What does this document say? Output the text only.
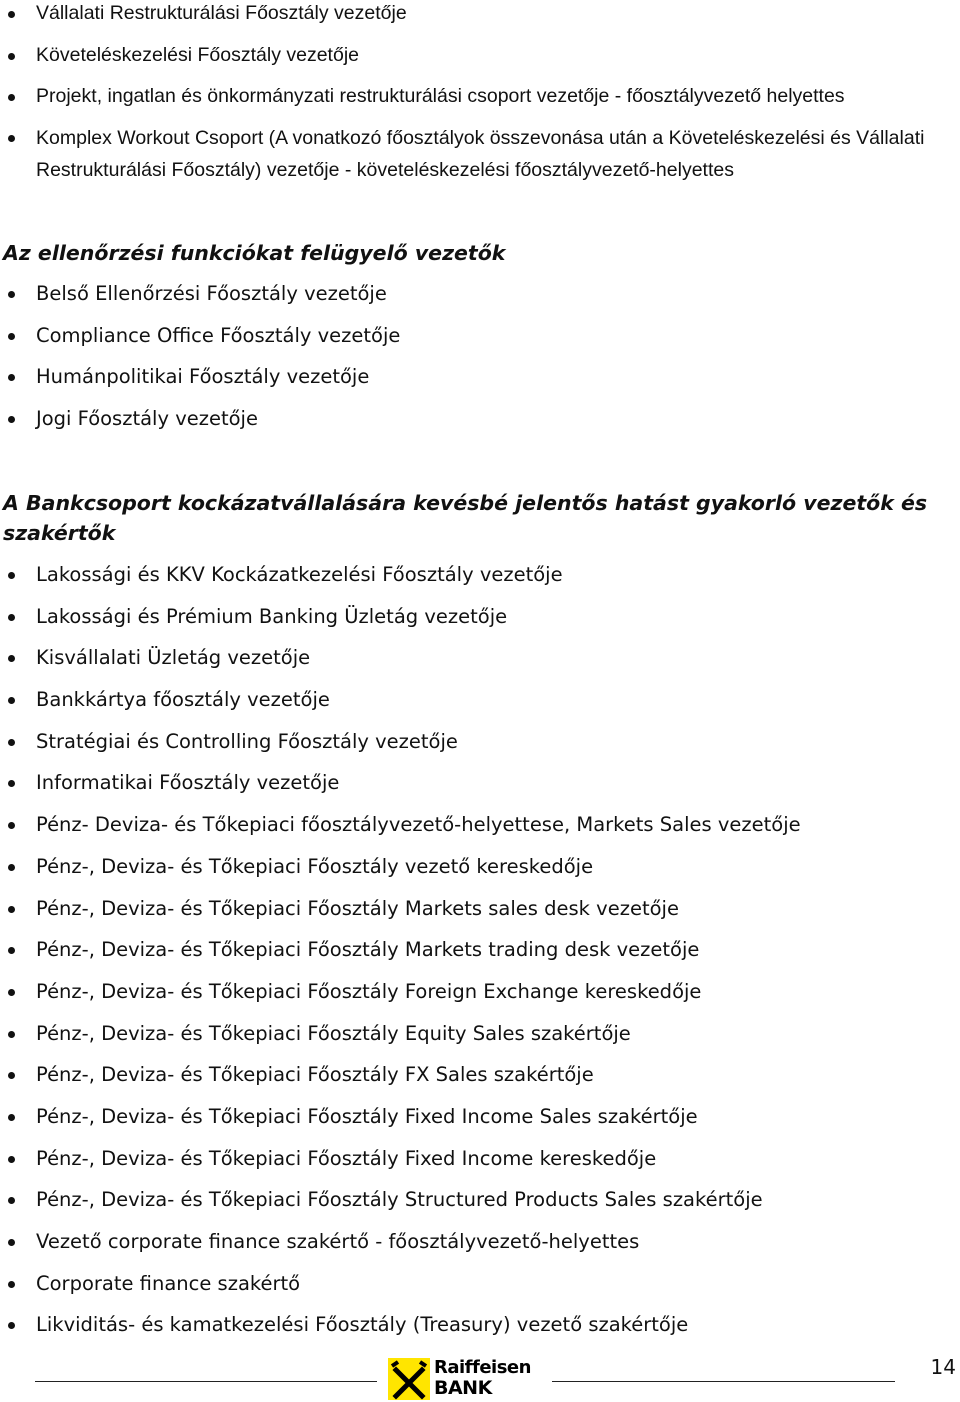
Vállalati Restrukturálási Főosztály vezetője
Követeléskezelési Főosztály vezetője
Projekt, ingatlan és önkormányzati restrukturálási csoport vezetője - főosztályvezető helyettes
Komplex Workout Csoport (A vonatkozó főosztályok összevonása után a Követeléskezelési és Vállalati Restrukturálási Főosztály) vezetője - követeléskezelési főosztályvezető-helyettes
Az ellenőrzési funkciókat felügyelő vezetők
Belső Ellenőrzési Főosztály vezetője
Compliance Office Főosztály vezetője
Humánpolitikai Főosztály vezetője
Jogi Főosztály vezetője
A Bankcsoport kockázatvállalására kevésbé jelentős hatást gyakorló vezetők és szakértők
Lakossági és KKV Kockázatkezelési Főosztály vezetője
Lakossági és Prémium Banking Üzletág vezetője
Kisvállalati Üzletág vezetője
Bankkártya főosztály vezetője
Stratégiai és Controlling Főosztály vezetője
Informatikai Főosztály vezetője
Pénz- Deviza- és Tőkepiaci főosztályvezető-helyettese, Markets Sales vezetője
Pénz-, Deviza- és Tőkepiaci Főosztály vezető kereskedője
Pénz-, Deviza- és Tőkepiaci Főosztály Markets sales desk vezetője
Pénz-, Deviza- és Tőkepiaci Főosztály Markets trading desk vezetője
Pénz-, Deviza- és Tőkepiaci Főosztály Foreign Exchange kereskedője
Pénz-, Deviza- és Tőkepiaci Főosztály Equity Sales szakértője
Pénz-, Deviza- és Tőkepiaci Főosztály FX Sales szakértője
Pénz-, Deviza- és Tőkepiaci Főosztály Fixed Income Sales szakértője
Pénz-, Deviza- és Tőkepiaci Főosztály Fixed Income kereskedője
Pénz-, Deviza- és Tőkepiaci Főosztály Structured Products Sales szakértője
Vezető corporate finance szakértő - főosztályvezető-helyettes
Corporate finance szakértő
Likviditás- és kamatkezelési Főosztály (Treasury) vezető szakértője
Raiffeisen
BANK
14
